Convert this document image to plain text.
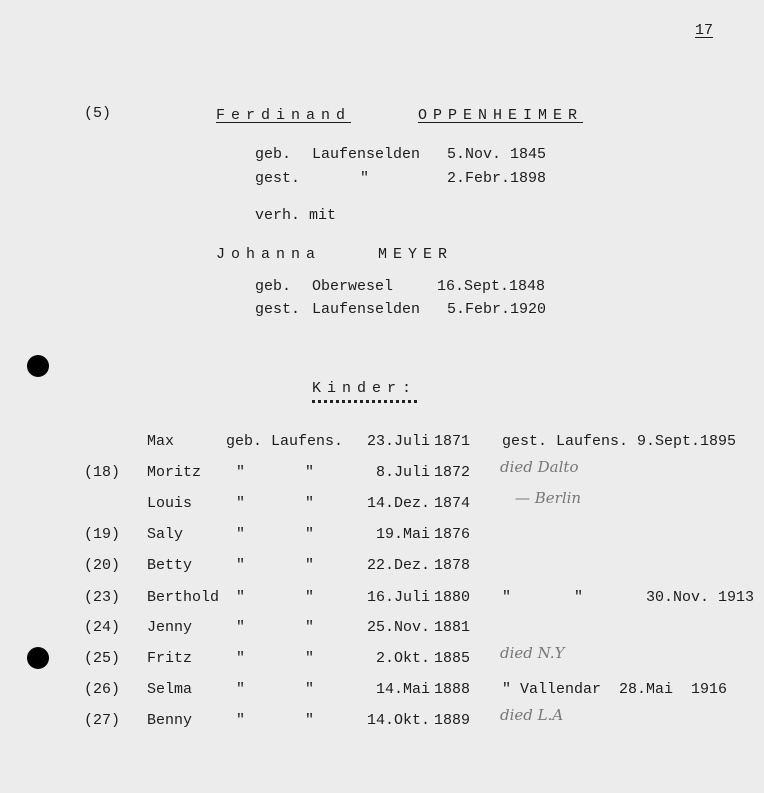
17
(5)	Ferdinand	OPPENHEIMER
geb. Laufenselden 5.Nov. 1845
gest.	"	2.Febr.1898
verh. mit
Johanna	MEYER
geb. Oberwesel	16.Sept.1848
gest. Laufenselden 5.Febr.1920
Kinder:
Max	geb. Laufens.	23.Juli 1871 gest. Laufens. 9.Sept.1895
(18) Moritz "	"	8.Juli 1872 died Dalto
Louis	"	"	14.Dez. 1874	— Berlin
(19) Saly	"	"	19.Mai 1876
(20) Betty	"	"	22.Dez. 1878
(23) Berthold "	"	16.Juli 1880 "       "       30.Nov. 1913
(24) Jenny	"	"	25.Nov. 1881
(25) Fritz	"	"	2.Okt. 1885 died N.Y
(26) Selma	"	"	14.Mai 1888 " Vallendar  28.Mai  1916
(27) Benny	"	"	14.Okt. 1889 died L.A
